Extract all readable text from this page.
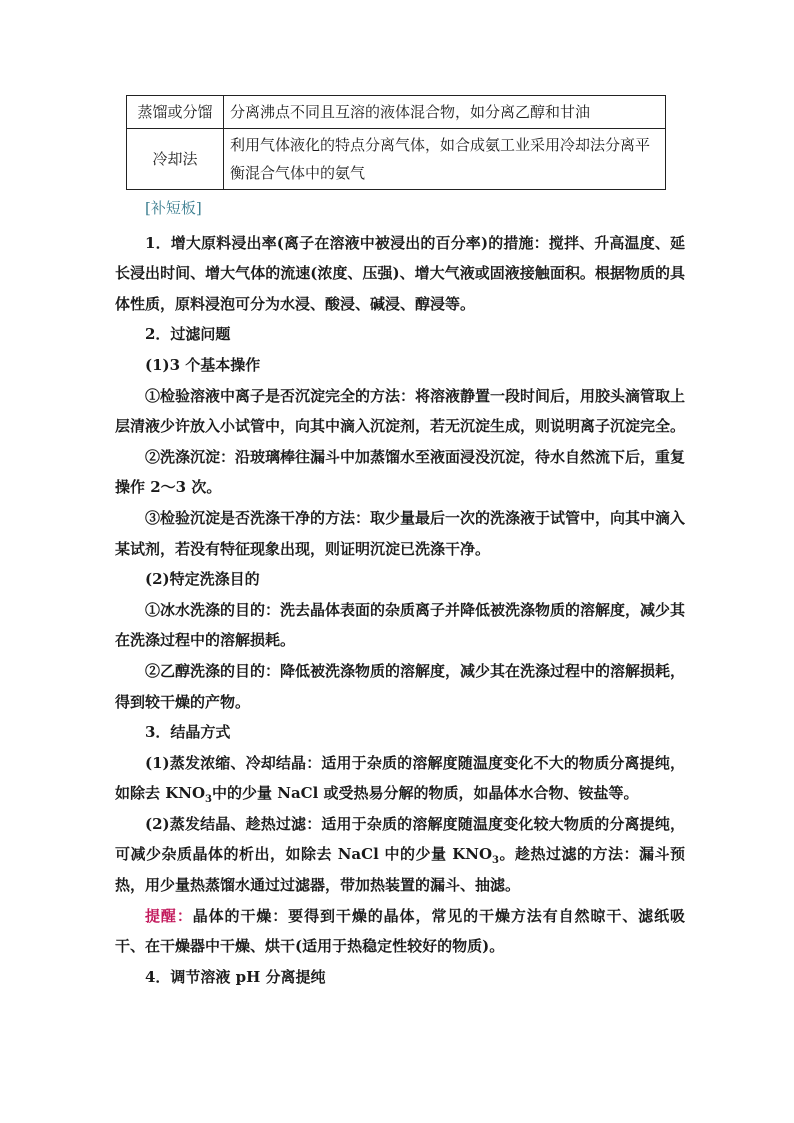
蒸馏或分馏	分离沸点不同且互溶的液体混合物，如分离乙醇和甘油
冷却法	利用气体液化的特点分离气体，如合成氨工业采用冷却法分离平衡混合气体中的氨气
[补短板]

1．增大原料浸出率(离子在溶液中被浸出的百分率)的措施：搅拌、升高温度、延长浸出时间、增大气体的流速(浓度、压强)、增大气液或固液接触面积。根据物质的具体性质，原料浸泡可分为水浸、酸浸、碱浸、醇浸等。

2．过滤问题

(1)3 个基本操作

①检验溶液中离子是否沉淀完全的方法：将溶液静置一段时间后，用胶头滴管取上层清液少许放入小试管中，向其中滴入沉淀剂，若无沉淀生成，则说明离子沉淀完全。

②洗涤沉淀：沿玻璃棒往漏斗中加蒸馏水至液面浸没沉淀，待水自然流下后，重复操作 2～3 次。

③检验沉淀是否洗涤干净的方法：取少量最后一次的洗涤液于试管中，向其中滴入某试剂，若没有特征现象出现，则证明沉淀已洗涤干净。

(2)特定洗涤目的

①冰水洗涤的目的：洗去晶体表面的杂质离子并降低被洗涤物质的溶解度，减少其在洗涤过程中的溶解损耗。

②乙醇洗涤的目的：降低被洗涤物质的溶解度，减少其在洗涤过程中的溶解损耗，得到较干燥的产物。

3．结晶方式

(1)蒸发浓缩、冷却结晶：适用于杂质的溶解度随温度变化不大的物质分离提纯，如除去 $KNO_3$中的少量 NaCl 或受热易分解的物质，如晶体水合物、铵盐等。

(2)蒸发结晶、趁热过滤：适用于杂质的溶解度随温度变化较大物质的分离提纯，可减少杂质晶体的析出，如除去 NaCl 中的少量 $KNO_3$。趁热过滤的方法：漏斗预热，用少量热蒸馏水通过过滤器，带加热装置的漏斗、抽滤。

提醒：晶体的干燥：要得到干燥的晶体，常见的干燥方法有自然晾干、滤纸吸干、在干燥器中干燥、烘干(适用于热稳定性较好的物质)。

4．调节溶液 pH 分离提纯
